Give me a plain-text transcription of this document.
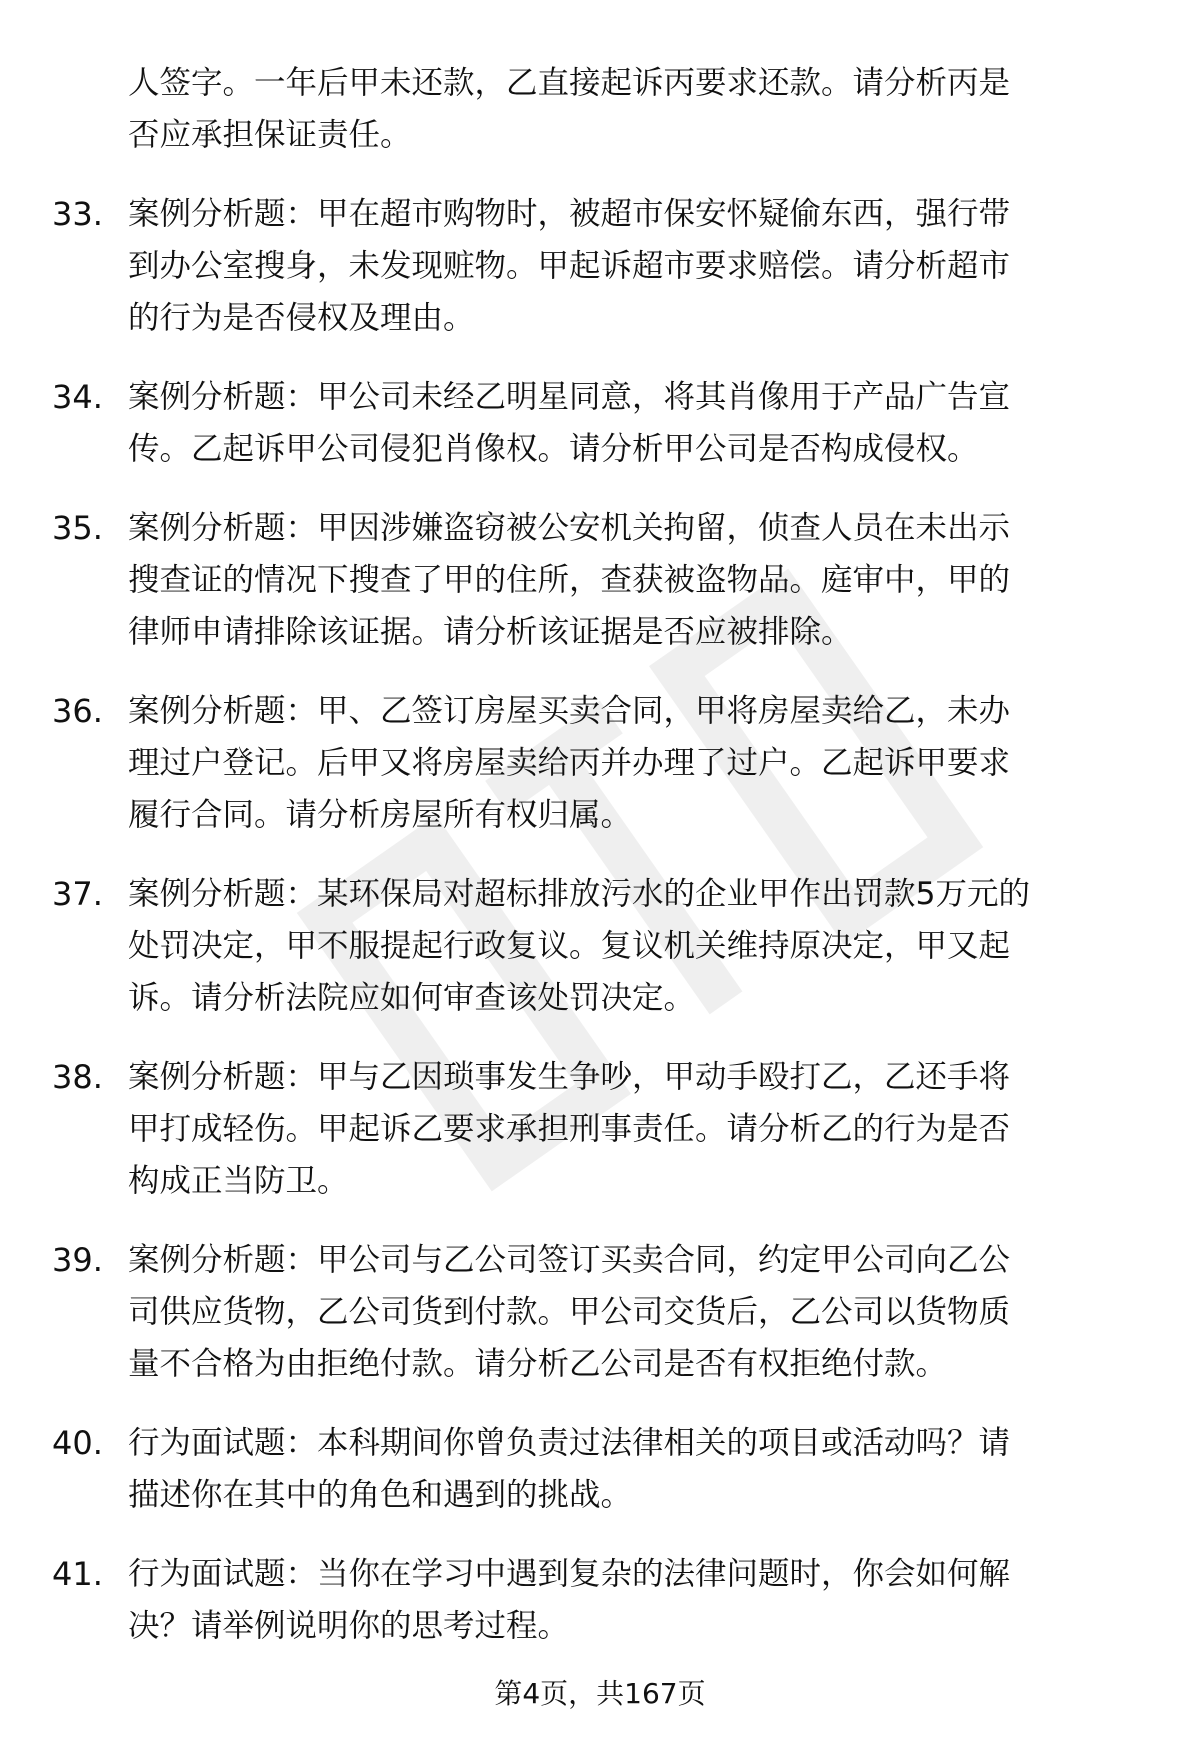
人签字。一年后甲未还款，乙直接起诉丙要求还款。请分析丙是
否应承担保证责任。
33. 案例分析题：甲在超市购物时，被超市保安怀疑偷东西，强行带
到办公室搜身，未发现赃物。甲起诉超市要求赔偿。请分析超市
的行为是否侵权及理由。
34. 案例分析题：甲公司未经乙明星同意，将其肖像用于产品广告宣
传。乙起诉甲公司侵犯肖像权。请分析甲公司是否构成侵权。
35. 案例分析题：甲因涉嫌盗窃被公安机关拘留，侦查人员在未出示
搜查证的情况下搜查了甲的住所，查获被盗物品。庭审中，甲的
律师申请排除该证据。请分析该证据是否应被排除。
36. 案例分析题：甲、乙签订房屋买卖合同，甲将房屋卖给乙，未办
理过户登记。后甲又将房屋卖给丙并办理了过户。乙起诉甲要求
履行合同。请分析房屋所有权归属。
37. 案例分析题：某环保局对超标排放污水的企业甲作出罚款5万元的
处罚决定，甲不服提起行政复议。复议机关维持原决定，甲又起
诉。请分析法院应如何审查该处罚决定。
38. 案例分析题：甲与乙因琐事发生争吵，甲动手殴打乙，乙还手将
甲打成轻伤。甲起诉乙要求承担刑事责任。请分析乙的行为是否
构成正当防卫。
39. 案例分析题：甲公司与乙公司签订买卖合同，约定甲公司向乙公
司供应货物，乙公司货到付款。甲公司交货后，乙公司以货物质
量不合格为由拒绝付款。请分析乙公司是否有权拒绝付款。
40. 行为面试题：本科期间你曾负责过法律相关的项目或活动吗？请
描述你在其中的角色和遇到的挑战。
41. 行为面试题：当你在学习中遇到复杂的法律问题时，你会如何解
决？请举例说明你的思考过程。
第4页，共167页
